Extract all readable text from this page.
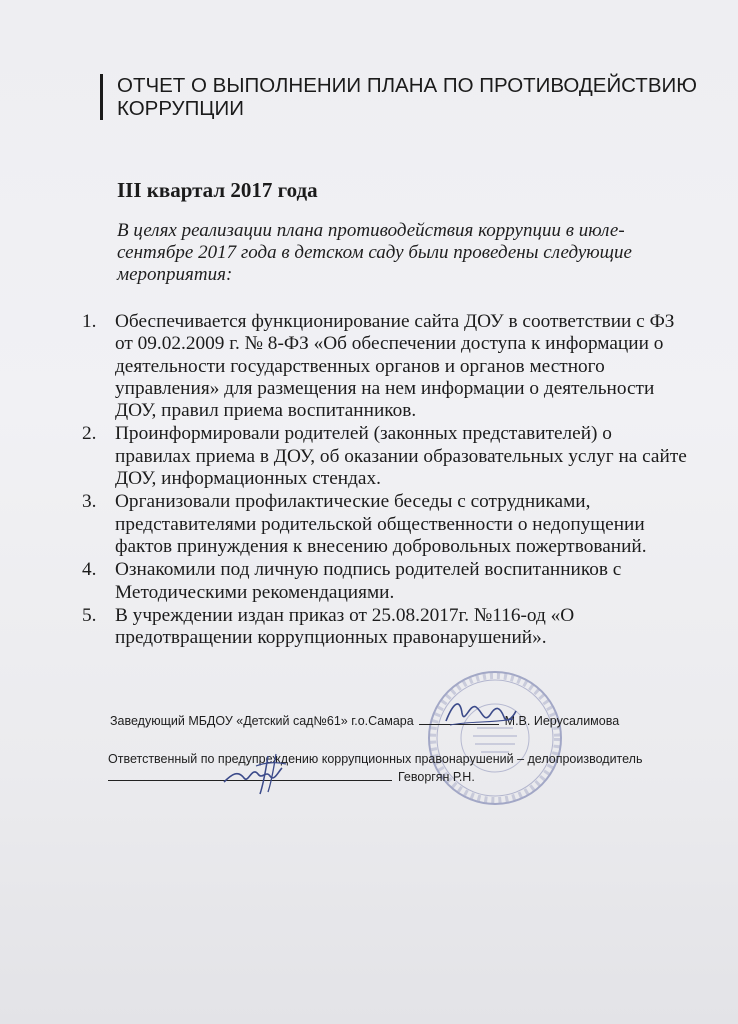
ОТЧЕТ О ВЫПОЛНЕНИИ ПЛАНА ПО ПРОТИВОДЕЙСТВИЮ КОРРУПЦИИ

III квартал 2017 года

В целях реализации плана противодействия коррупции в июле-сентябре 2017 года в детском саду были проведены следующие мероприятия:

1. Обеспечивается функционирование сайта ДОУ в соответствии с ФЗ от 09.02.2009 г. № 8-ФЗ «Об обеспечении доступа к информации о деятельности государственных органов и органов местного управления» для размещения на нем информации о деятельности ДОУ, правил приема воспитанников.
2. Проинформировали родителей (законных представителей) о правилах приема в ДОУ, об оказании образовательных услуг на сайте ДОУ, информационных стендах.
3. Организовали профилактические беседы с сотрудниками, представителями родительской общественности о недопущении фактов принуждения к внесению добровольных пожертвований.
4. Ознакомили под личную подпись родителей воспитанников с Методическими рекомендациями.
5. В учреждении издан приказ от 25.08.2017г. №116-од «О предотвращении коррупционных правонарушений».
Заведующий МБДОУ «Детский сад№61» г.о.Самара	М.В. Иерусалимова
Ответственный по предупреждению коррупционных правонарушений – делопроизводитель
Геворгян Р.Н.
